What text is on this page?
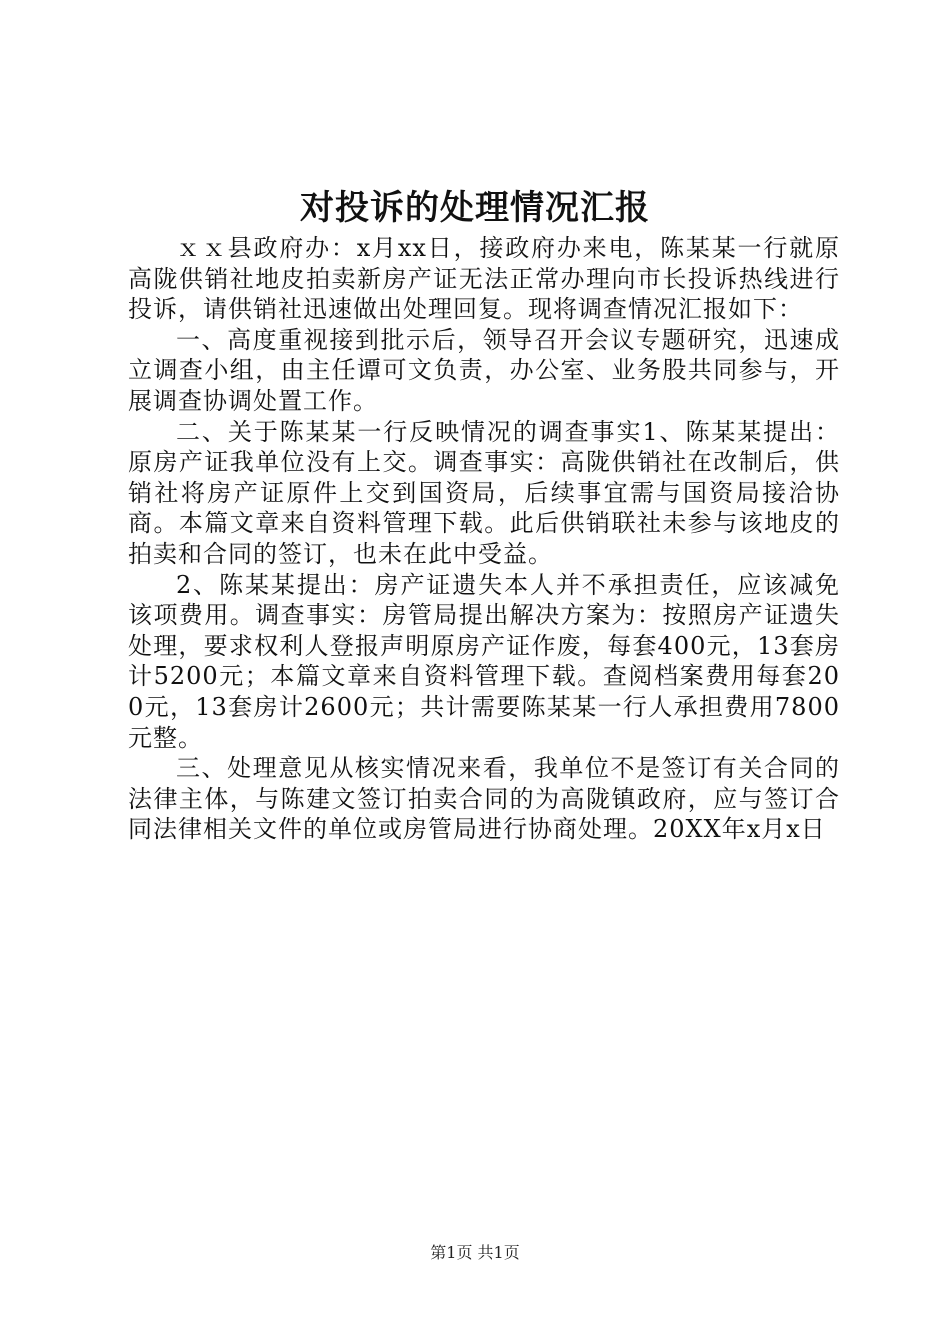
对投诉的处理情况汇报

ｘｘ县政府办：x月xx日，接政府办来电，陈某某一行就原高陇供销社地皮拍卖新房产证无法正常办理向市长投诉热线进行投诉，请供销社迅速做出处理回复。现将调查情况汇报如下：

一、高度重视接到批示后，领导召开会议专题研究，迅速成立调查小组，由主任谭可文负责，办公室、业务股共同参与，开展调查协调处置工作。

二、关于陈某某一行反映情况的调查事实1、陈某某提出：原房产证我单位没有上交。调查事实：高陇供销社在改制后，供销社将房产证原件上交到国资局，后续事宜需与国资局接洽协商。本篇文章来自资料管理下载。此后供销联社未参与该地皮的拍卖和合同的签订，也未在此中受益。

2、陈某某提出：房产证遗失本人并不承担责任，应该减免该项费用。调查事实：房管局提出解决方案为：按照房产证遗失处理，要求权利人登报声明原房产证作废，每套400元，13套房计5200元；本篇文章来自资料管理下载。查阅档案费用每套200元，13套房计2600元；共计需要陈某某一行人承担费用7800元整。

三、处理意见从核实情况来看，我单位不是签订有关合同的法律主体，与陈建文签订拍卖合同的为高陇镇政府，应与签订合同法律相关文件的单位或房管局进行协商处理。20XX年x月x日

第1页 共1页
